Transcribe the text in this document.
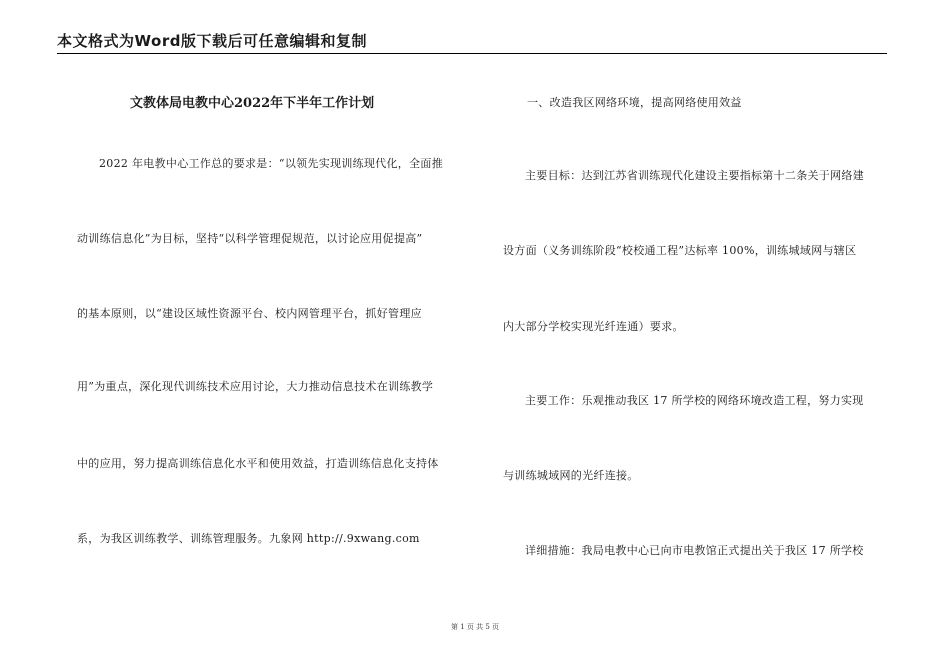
本文格式为Word版下载后可任意编辑和复制
文教体局电教中心2022年下半年工作计划
2022 年电教中心工作总的要求是：“以领先实现训练现代化，全面推
动训练信息化”为目标，坚持“以科学管理促规范，以讨论应用促提高”
的基本原则，以“建设区域性资源平台、校内网管理平台，抓好管理应
用”为重点，深化现代训练技术应用讨论，大力推动信息技术在训练教学
中的应用，努力提高训练信息化水平和使用效益，打造训练信息化支持体
系，为我区训练教学、训练管理服务。九象网 http://.9xwang.com
一、改造我区网络环境，提高网络使用效益
主要目标：达到江苏省训练现代化建设主要指标第十二条关于网络建
设方面（义务训练阶段“校校通工程”达标率 100%，训练城域网与辖区
内大部分学校实现光纤连通）要求。
主要工作：乐观推动我区 17 所学校的网络环境改造工程，努力实现
与训练城域网的光纤连接。
详细措施：我局电教中心已向市电教馆正式提出关于我区 17 所学校
第 1 页 共 5 页
